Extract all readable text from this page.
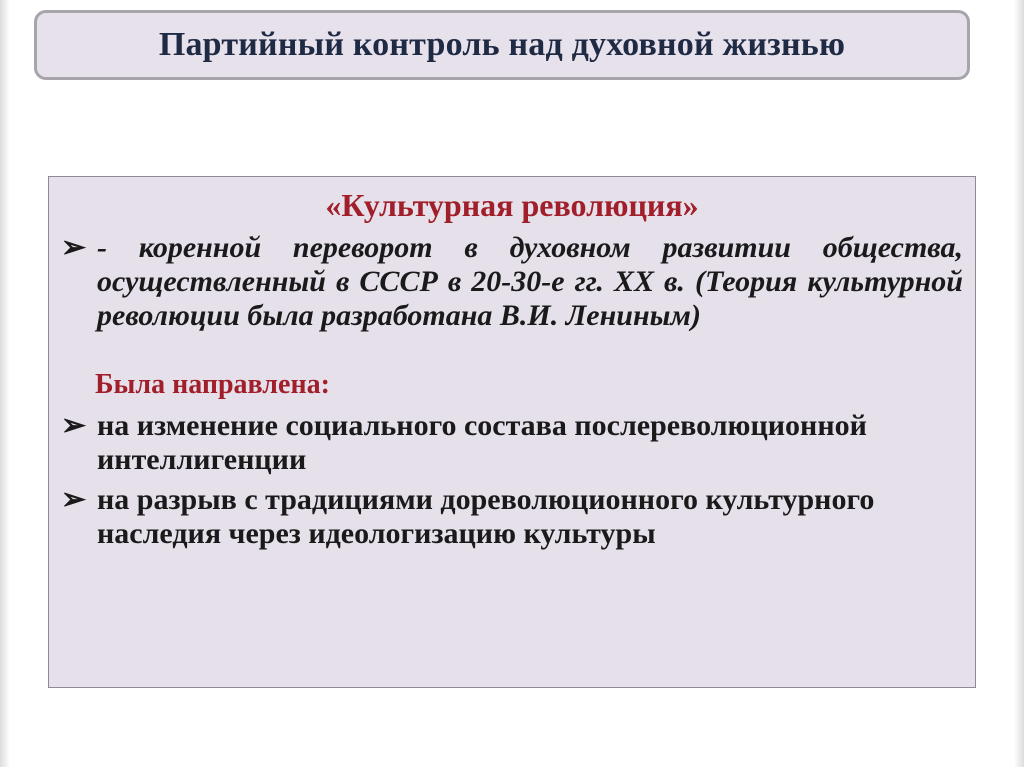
Партийный контроль над духовной жизнью
«Культурная революция»
➢ - коренной переворот в духовном развитии общества, осуществленный в СССР в 20-30-е гг. XX в. (Теория культурной революции была разработана В.И. Лениным)
Была направлена:
➢ на изменение социального состава послереволюционной интеллигенции
➢ на разрыв с традициями дореволюционного культурного наследия через идеологизацию культуры
